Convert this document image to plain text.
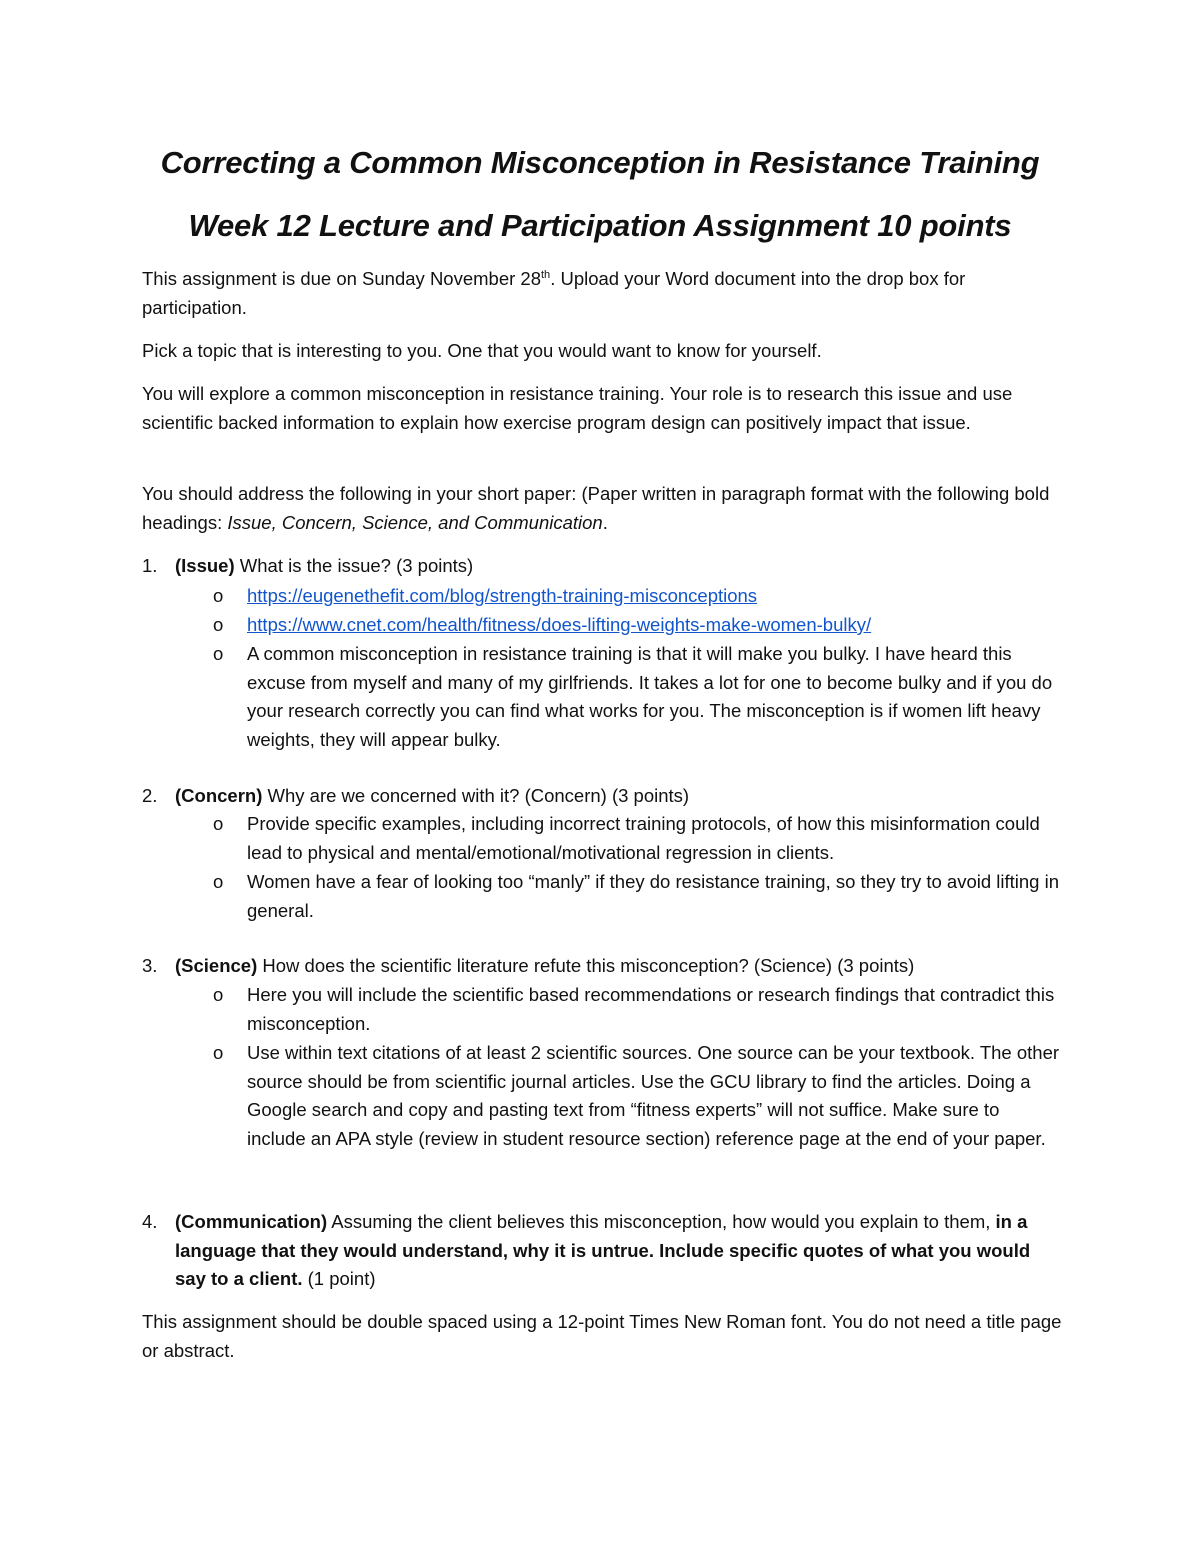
Correcting a Common Misconception in Resistance Training
Week 12 Lecture and Participation Assignment 10 points
This assignment is due on Sunday November 28th. Upload your Word document into the drop box for participation.
Pick a topic that is interesting to you. One that you would want to know for yourself.
You will explore a common misconception in resistance training. Your role is to research this issue and use scientific backed information to explain how exercise program design can positively impact that issue.
You should address the following in your short paper: (Paper written in paragraph format with the following bold headings: Issue, Concern, Science, and Communication.
1. (Issue) What is the issue? (3 points)
o https://eugenethefit.com/blog/strength-training-misconceptions
o https://www.cnet.com/health/fitness/does-lifting-weights-make-women-bulky/
o A common misconception in resistance training is that it will make you bulky. I have heard this excuse from myself and many of my girlfriends. It takes a lot for one to become bulky and if you do your research correctly you can find what works for you. The misconception is if women lift heavy weights, they will appear bulky.
2. (Concern) Why are we concerned with it? (Concern) (3 points)
o Provide specific examples, including incorrect training protocols, of how this misinformation could lead to physical and mental/emotional/motivational regression in clients.
o Women have a fear of looking too “manly” if they do resistance training, so they try to avoid lifting in general.
3. (Science) How does the scientific literature refute this misconception? (Science) (3 points)
o Here you will include the scientific based recommendations or research findings that contradict this misconception.
o Use within text citations of at least 2 scientific sources. One source can be your textbook. The other source should be from scientific journal articles. Use the GCU library to find the articles. Doing a Google search and copy and pasting text from “fitness experts” will not suffice. Make sure to include an APA style (review in student resource section) reference page at the end of your paper.
4. (Communication) Assuming the client believes this misconception, how would you explain to them, in a language that they would understand, why it is untrue. Include specific quotes of what you would say to a client. (1 point)
This assignment should be double spaced using a 12-point Times New Roman font. You do not need a title page or abstract.
